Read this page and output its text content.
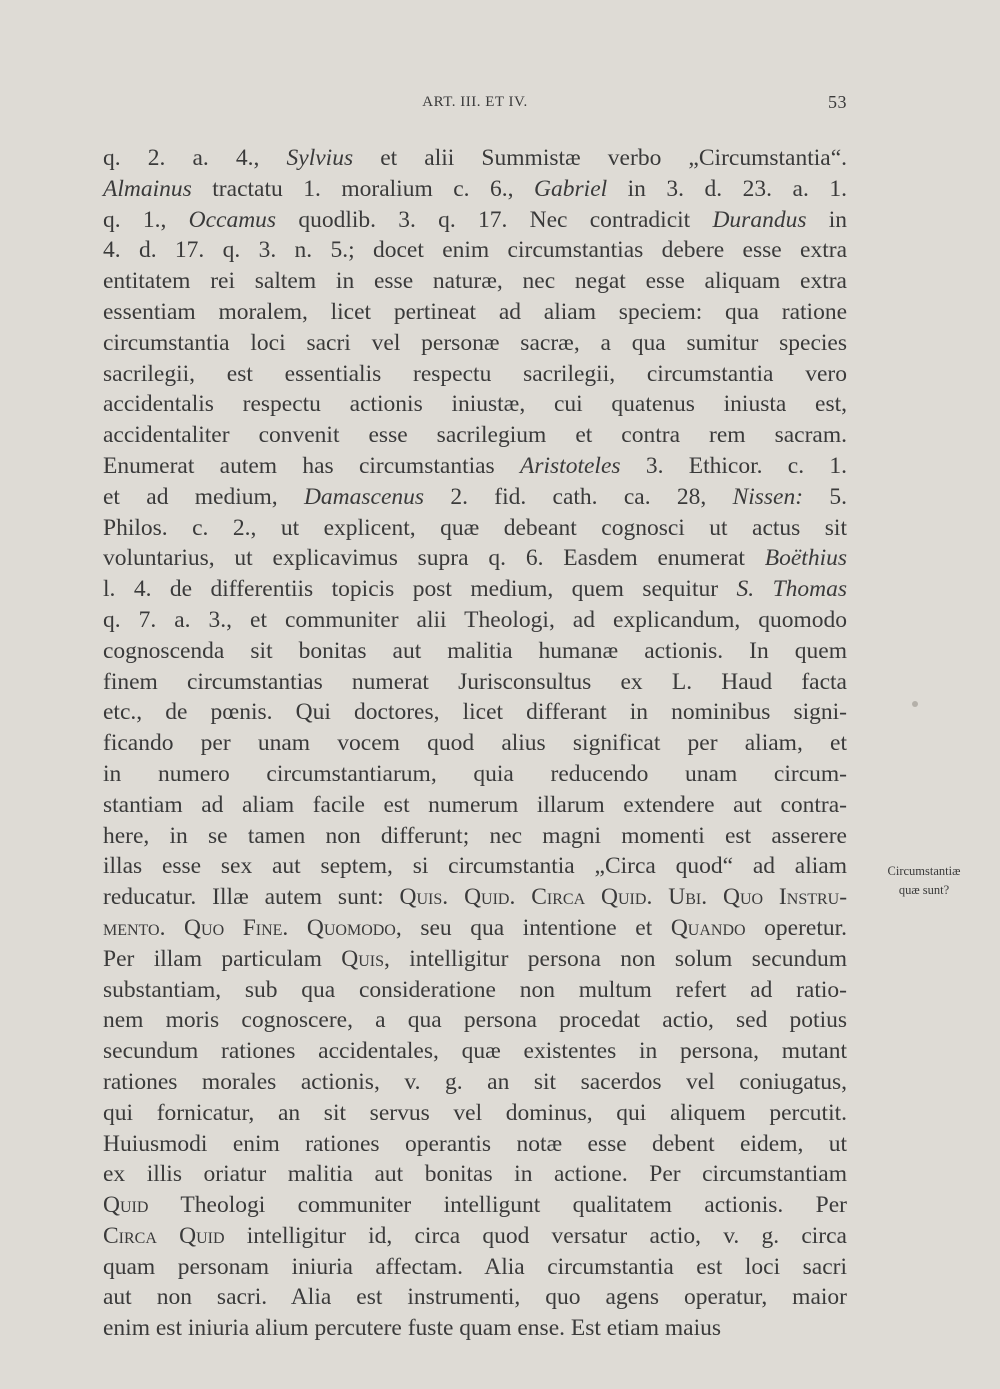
ART. III. ET IV.	53
q. 2. a. 4., Sylvius et alii Summistæ verbo „Circumstantia“.
Almainus tractatu 1. moralium c. 6., Gabriel in 3. d. 23. a. 1.
q. 1., Occamus quodlib. 3. q. 17. Nec contradicit Durandus in
4. d. 17. q. 3. n. 5.; docet enim circumstantias debere esse extra
entitatem rei saltem in esse naturæ, nec negat esse aliquam extra
essentiam moralem, licet pertineat ad aliam speciem: qua ratione
circumstantia loci sacri vel personæ sacræ, a qua sumitur species
sacrilegii, est essentialis respectu sacrilegii, circumstantia vero
accidentalis respectu actionis iniustæ, cui quatenus iniusta est,
accidentaliter convenit esse sacrilegium et contra rem sacram.
Enumerat autem has circumstantias Aristoteles 3. Ethicor. c. 1.
et ad medium, Damascenus 2. fid. cath. ca. 28, Nissen: 5.
Philos. c. 2., ut explicent, quæ debeant cognosci ut actus sit
voluntarius, ut explicavimus supra q. 6. Easdem enumerat Boëthius
l. 4. de differentiis topicis post medium, quem sequitur S. Thomas
q. 7. a. 3., et communiter alii Theologi, ad explicandum, quomodo
cognoscenda sit bonitas aut malitia humanæ actionis. In quem
finem circumstantias numerat Jurisconsultus ex L. Haud facta
etc., de pœnis. Qui doctores, licet differant in nominibus signi-
ficando per unam vocem quod alius significat per aliam, et
in numero circumstantiarum, quia reducendo unam circum-
stantiam ad aliam facile est numerum illarum extendere aut contra-
here, in se tamen non differunt; nec magni momenti est asserere
illas esse sex aut septem, si circumstantia „Circa quod“ ad aliam
reducatur. Illæ autem sunt: Quis. Quid. Circa Quid. Ubi. Quo Instru-
mento. Quo Fine. Quomodo, seu qua intentione et Quando operetur.
Per illam particulam Quis, intelligitur persona non solum secundum
substantiam, sub qua consideratione non multum refert ad ratio-
nem moris cognoscere, a qua persona procedat actio, sed potius
secundum rationes accidentales, quæ existentes in persona, mutant
rationes morales actionis, v. g. an sit sacerdos vel coniugatus,
qui fornicatur, an sit servus vel dominus, qui aliquem percutit.
Huiusmodi enim rationes operantis notæ esse debent eidem, ut
ex illis oriatur malitia aut bonitas in actione. Per circumstantiam
Quid Theologi communiter intelligunt qualitatem actionis. Per
Circa Quid intelligitur id, circa quod versatur actio, v. g. circa
quam personam iniuria affectam. Alia circumstantia est loci sacri
aut non sacri. Alia est instrumenti, quo agens operatur, maior
enim est iniuria alium percutere fuste quam ense. Est etiam maius
Circumstantiæ
quæ sunt?
